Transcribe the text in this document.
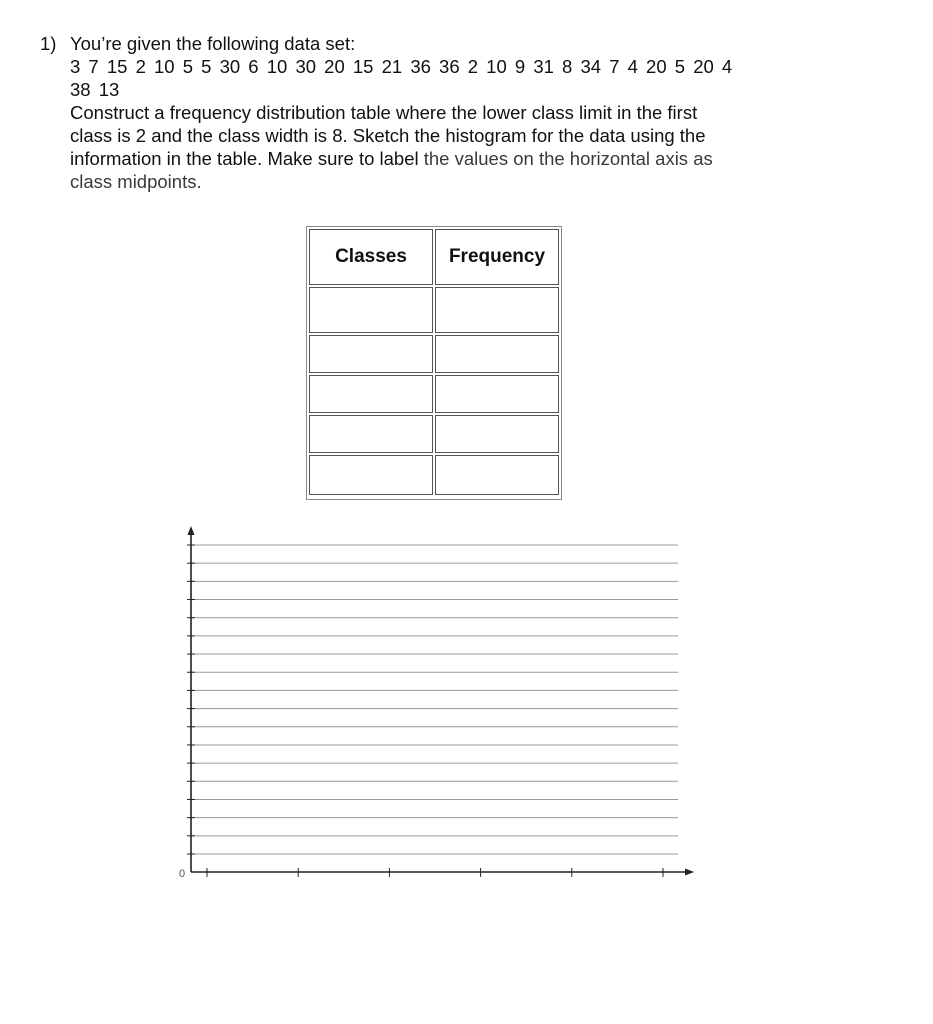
1) You’re given the following data set:
3 7 15 2 10 5 5 30 6 10 30 20 15 21 36 36 2 10 9 31 8 34 7 4 20 5 20 4
38 13
Construct a frequency distribution table where the lower class limit in the first
class is 2 and the class width is 8. Sketch the histogram for the data using the
information in the table. Make sure to label the values on the horizontal axis as
class midpoints.
Classes	Frequency
0
